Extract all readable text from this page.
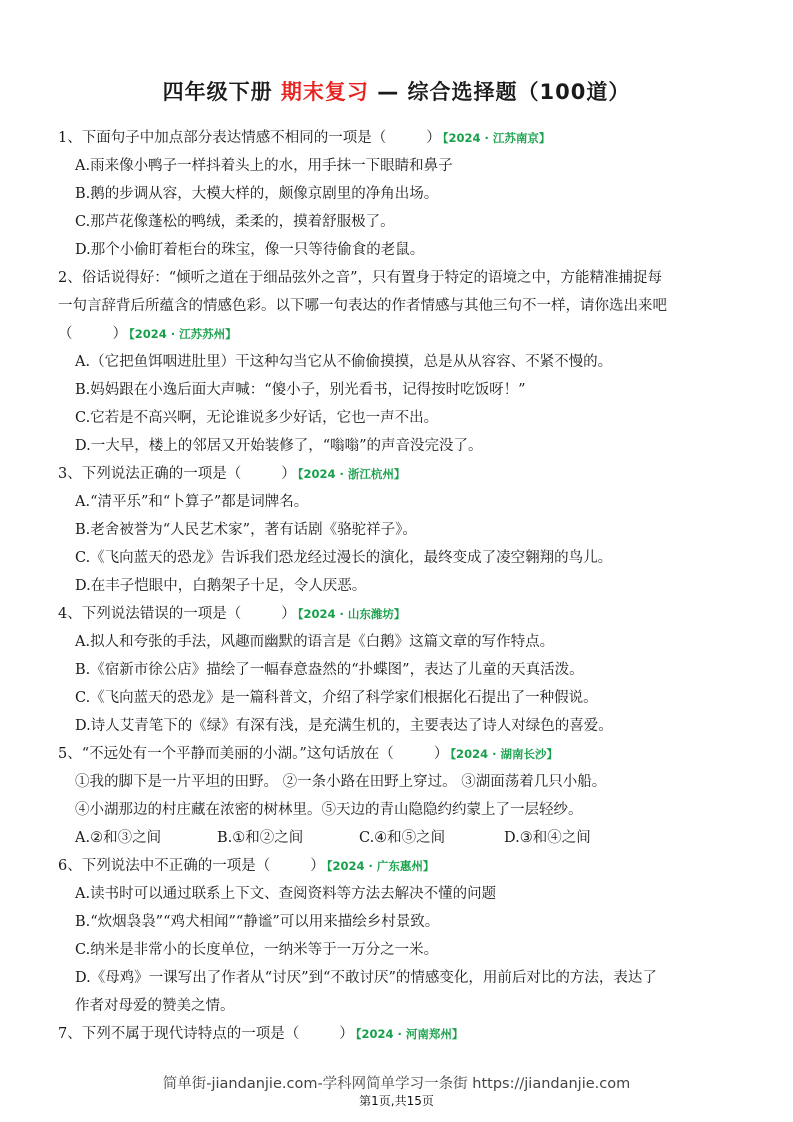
四年级下册 期末复习 — 综合选择题（100道）
1、下面句子中加点部分表达情感不相同的一项是（	） 【2024 · 江苏南京】
A.雨来像小鸭子一样抖着头上的水，用手抹一下眼睛和鼻子
B.鹅的步调从容，大模大样的，颇像京剧里的净角出场。
C.那芦花像蓬松的鸭绒，柔柔的，摸着舒服极了。
D.那个小偷盯着柜台的珠宝，像一只等待偷食的老鼠。
2、俗话说得好：“倾听之道在于细品弦外之音”，只有置身于特定的语境之中，方能精准捕捉每
一句言辞背后所蕴含的情感色彩。以下哪一句表达的作者情感与其他三句不一样，请你选出来吧
（	） 【2024 · 江苏苏州】
A.（它把鱼饵咽进肚里）干这种勾当它从不偷偷摸摸，总是从从容容、不紧不慢的。
B.妈妈跟在小逸后面大声喊：“傻小子，别光看书，记得按时吃饭呀！”
C.它若是不高兴啊，无论谁说多少好话，它也一声不出。
D.一大早，楼上的邻居又开始装修了，“嗡嗡”的声音没完没了。
3、下列说法正确的一项是（	） 【2024 · 浙江杭州】
A.“清平乐”和“卜算子”都是词牌名。
B.老舍被誉为“人民艺术家”，著有话剧《骆驼祥子》。
C.《飞向蓝天的恐龙》告诉我们恐龙经过漫长的演化，最终变成了凌空翱翔的鸟儿。
D.在丰子恺眼中，白鹅架子十足，令人厌恶。
4、下列说法错误的一项是（	） 【2024 · 山东潍坊】
A.拟人和夸张的手法，风趣而幽默的语言是《白鹅》这篇文章的写作特点。
B.《宿新市徐公店》描绘了一幅春意盎然的“扑蝶图”，表达了儿童的天真活泼。
C.《飞向蓝天的恐龙》是一篇科普文，介绍了科学家们根据化石提出了一种假说。
D.诗人艾青笔下的《绿》有深有浅，是充满生机的，主要表达了诗人对绿色的喜爱。
5、“不远处有一个平静而美丽的小湖。”这句话放在（	） 【2024 · 湖南长沙】
①我的脚下是一片平坦的田野。 ②一条小路在田野上穿过。 ③湖面荡着几只小船。
④小湖那边的村庄藏在浓密的树林里。⑤天边的青山隐隐约约蒙上了一层轻纱。
A.②和③之间	B.①和②之间	C.④和⑤之间	D.③和④之间
6、下列说法中不正确的一项是（	） 【2024 · 广东惠州】
A.读书时可以通过联系上下文、查阅资料等方法去解决不懂的问题
B.“炊烟袅袅”“鸡犬相闻”“静谧”可以用来描绘乡村景致。
C.纳米是非常小的长度单位，一纳米等于一万分之一米。
D.《母鸡》一课写出了作者从“讨厌”到“不敢讨厌”的情感变化，用前后对比的方法，表达了
作者对母爱的赞美之情。
7、下列不属于现代诗特点的一项是（	） 【2024 · 河南郑州】
简单街-jiandanjie.com-学科网简单学习一条街 https://jiandanjie.com
第1页,共15页
